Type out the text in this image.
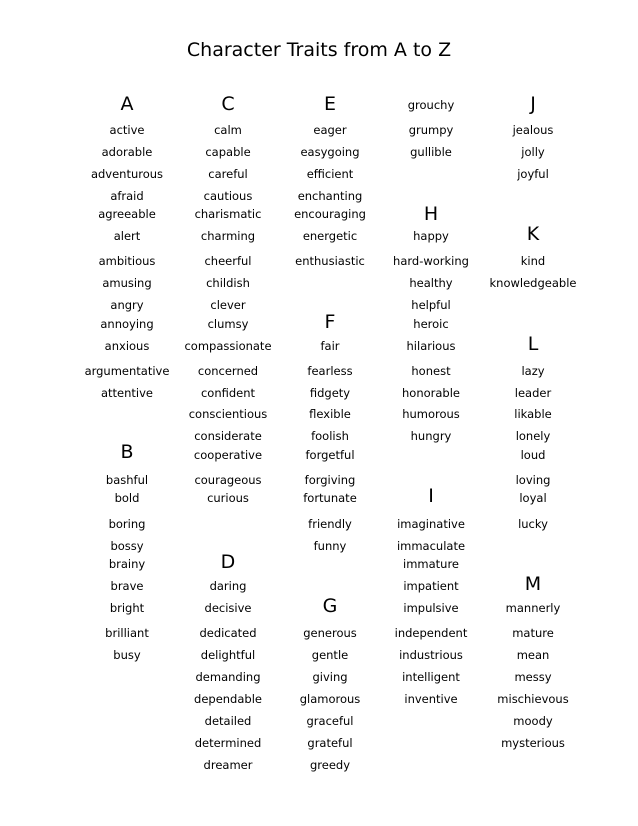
Character Traits from A to Z
A
active
adorable
adventurous
afraid
agreeable
alert
ambitious
amusing
angry
annoying
anxious
argumentative
attentive
B
bashful
bold
boring
bossy
brainy
brave
bright
brilliant
busy
C
calm
capable
careful
cautious
charismatic
charming
cheerful
childish
clever
clumsy
compassionate
concerned
confident
conscientious
considerate
cooperative
courageous
curious
D
daring
decisive
dedicated
delightful
demanding
dependable
detailed
determined
dreamer
E
eager
easygoing
efficient
enchanting
encouraging
energetic
enthusiastic
F
fair
fearless
fidgety
flexible
foolish
forgetful
forgiving
fortunate
friendly
funny
G
generous
gentle
giving
glamorous
graceful
grateful
greedy
grouchy
grumpy
gullible
H
happy
hard-working
healthy
helpful
heroic
hilarious
honest
honorable
humorous
hungry
I
imaginative
immaculate
immature
impatient
impulsive
independent
industrious
intelligent
inventive
J
jealous
jolly
joyful
K
kind
knowledgeable
L
lazy
leader
likable
lonely
loud
loving
loyal
lucky
M
mannerly
mature
mean
messy
mischievous
moody
mysterious
